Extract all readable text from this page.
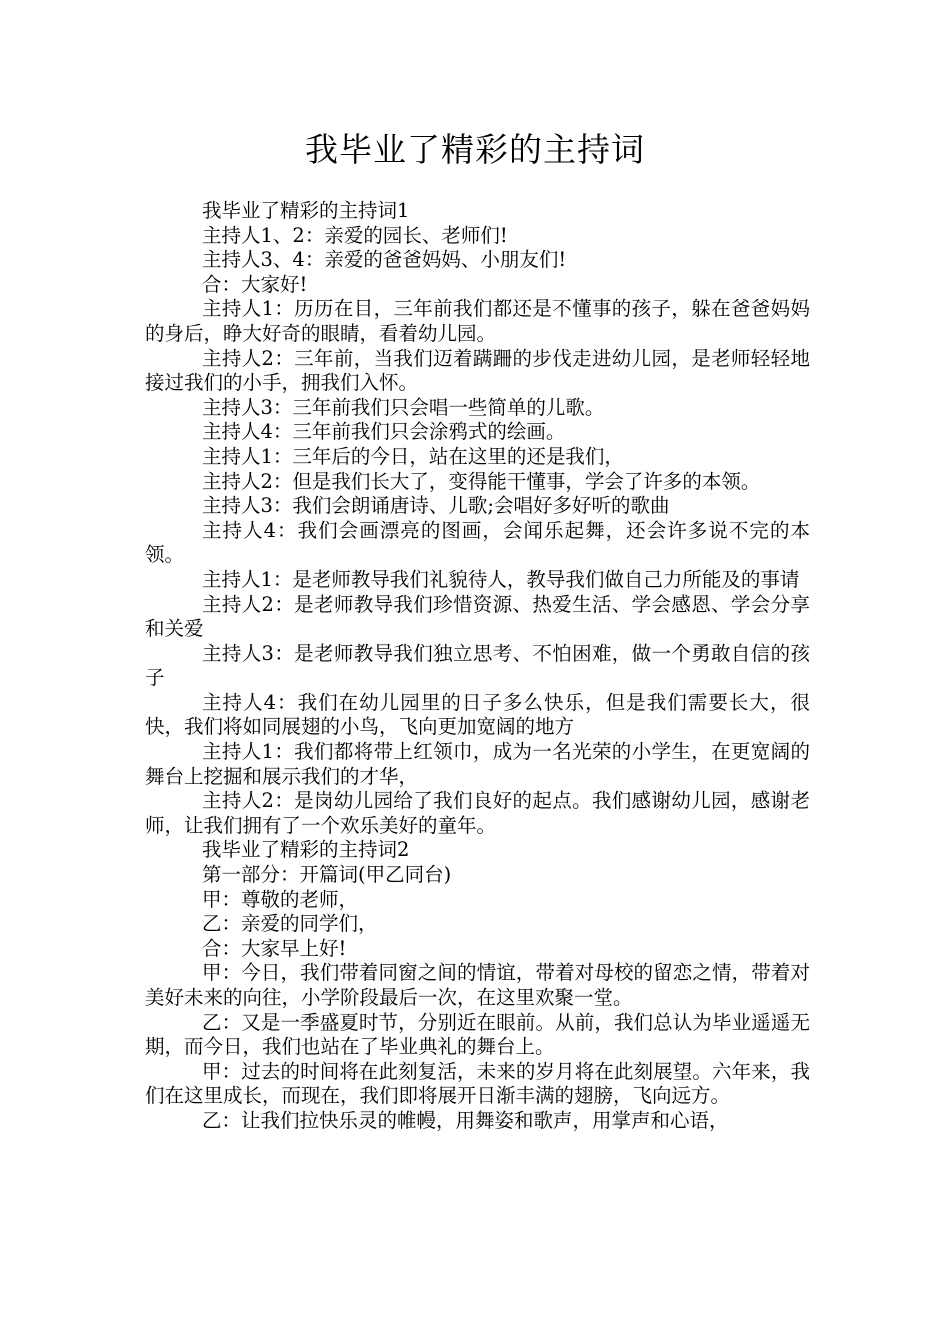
我毕业了精彩的主持词

我毕业了精彩的主持词1

主持人1、2：亲爱的园长、老师们!

主持人3、4：亲爱的爸爸妈妈、小朋友们!

合：大家好!

主持人1：历历在目，三年前我们都还是不懂事的孩子，躲在爸爸妈妈的身后，睁大好奇的眼睛，看着幼儿园。

主持人2：三年前，当我们迈着蹒跚的步伐走进幼儿园，是老师轻轻地接过我们的小手，拥我们入怀。

主持人3：三年前我们只会唱一些简单的儿歌。

主持人4：三年前我们只会涂鸦式的绘画。

主持人1：三年后的今日，站在这里的还是我们，

主持人2：但是我们长大了，变得能干懂事，学会了许多的本领。

主持人3：我们会朗诵唐诗、儿歌;会唱好多好听的歌曲

主持人4：我们会画漂亮的图画，会闻乐起舞，还会许多说不完的本领。

主持人1：是老师教导我们礼貌待人，教导我们做自己力所能及的事请

主持人2：是老师教导我们珍惜资源、热爱生活、学会感恩、学会分享和关爱

主持人3：是老师教导我们独立思考、不怕困难，做一个勇敢自信的孩子

主持人4：我们在幼儿园里的日子多么快乐，但是我们需要长大，很快，我们将如同展翅的小鸟，飞向更加宽阔的地方

主持人1：我们都将带上红领巾，成为一名光荣的小学生，在更宽阔的舞台上挖掘和展示我们的才华，

主持人2：是岗幼儿园给了我们良好的起点。我们感谢幼儿园，感谢老师，让我们拥有了一个欢乐美好的童年。

我毕业了精彩的主持词2

第一部分：开篇词(甲乙同台)

甲：尊敬的老师，

乙：亲爱的同学们，

合：大家早上好!

甲：今日，我们带着同窗之间的情谊，带着对母校的留恋之情，带着对美好未来的向往，小学阶段最后一次，在这里欢聚一堂。

乙：又是一季盛夏时节，分别近在眼前。从前，我们总认为毕业遥遥无期，而今日，我们也站在了毕业典礼的舞台上。

甲：过去的时间将在此刻复活，未来的岁月将在此刻展望。六年来，我们在这里成长，而现在，我们即将展开日渐丰满的翅膀，飞向远方。

乙：让我们拉快乐灵的帷幔，用舞姿和歌声，用掌声和心语，
